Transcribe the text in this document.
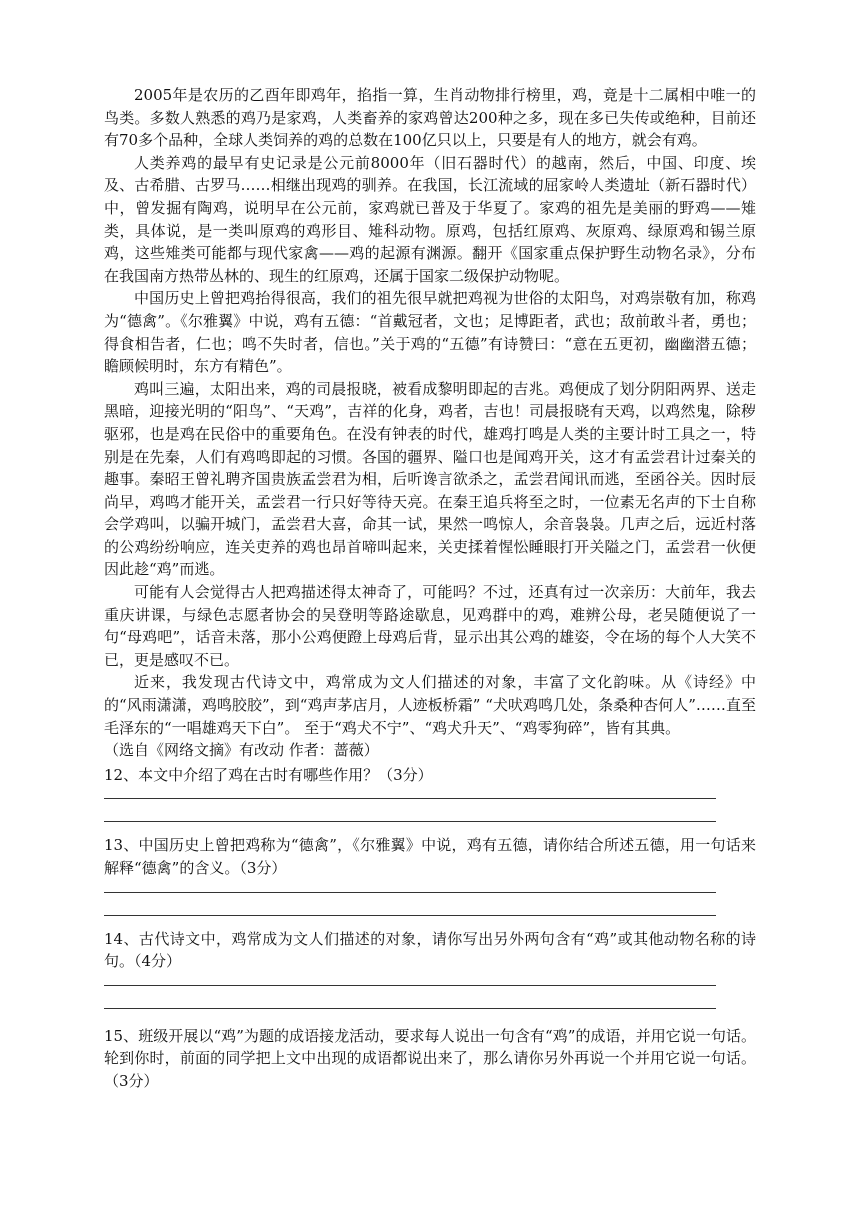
2005年是农历的乙酉年即鸡年，掐指一算，生肖动物排行榜里，鸡，竟是十二属相中唯一的鸟类。多数人熟悉的鸡乃是家鸡，人类畜养的家鸡曾达200种之多，现在多已失传或绝种，目前还有70多个品种，全球人类饲养的鸡的总数在100亿只以上，只要是有人的地方，就会有鸡。

人类养鸡的最早有史记录是公元前8000年（旧石器时代）的越南，然后，中国、印度、埃及、古希腊、古罗马……相继出现鸡的驯养。在我国，长江流域的屈家岭人类遗址（新石器时代）中，曾发掘有陶鸡，说明早在公元前，家鸡就已普及于华夏了。家鸡的祖先是美丽的野鸡——雉类，具体说，是一类叫原鸡的鸡形目、雉科动物。原鸡，包括红原鸡、灰原鸡、绿原鸡和锡兰原鸡，这些雉类可能都与现代家禽——鸡的起源有渊源。翻开《国家重点保护野生动物名录》，分布在我国南方热带丛林的、现生的红原鸡，还属于国家二级保护动物呢。

中国历史上曾把鸡抬得很高，我们的祖先很早就把鸡视为世俗的太阳鸟，对鸡崇敬有加，称鸡为“德禽”。《尔雅翼》中说，鸡有五德：“首戴冠者，文也；足博距者，武也；敌前敢斗者，勇也；得食相告者，仁也；鸣不失时者，信也。”关于鸡的“五德”有诗赞曰：“意在五更初，幽幽潜五德；瞻顾候明时，东方有精色”。

鸡叫三遍，太阳出来，鸡的司晨报晓，被看成黎明即起的吉兆。鸡便成了划分阴阳两界、送走黑暗，迎接光明的“阳鸟”、“天鸡”，吉祥的化身，鸡者，吉也！司晨报晓有天鸡，以鸡然鬼，除秽驱邪，也是鸡在民俗中的重要角色。在没有钟表的时代，雄鸡打鸣是人类的主要计时工具之一，特别是在先秦，人们有鸡鸣即起的习惯。各国的疆界、隘口也是闻鸡开关，这才有孟尝君计过秦关的趣事。秦昭王曾礼聘齐国贵族孟尝君为相，后听谗言欲杀之，孟尝君闻讯而逃，至函谷关。因时辰尚早，鸡鸣才能开关，孟尝君一行只好等待天亮。在秦王追兵将至之时，一位素无名声的下士自称会学鸡叫，以骗开城门，孟尝君大喜，命其一试，果然一鸣惊人，余音袅袅。几声之后，远近村落的公鸡纷纷响应，连关吏养的鸡也昂首啼叫起来，关吏揉着惺忪睡眼打开关隘之门，孟尝君一伙便因此趁“鸡”而逃。

可能有人会觉得古人把鸡描述得太神奇了，可能吗？不过，还真有过一次亲历：大前年，我去重庆讲课，与绿色志愿者协会的吴登明等路途歇息，见鸡群中的鸡，难辨公母，老吴随便说了一句“母鸡吧”，话音未落，那小公鸡便蹬上母鸡后背，显示出其公鸡的雄姿，令在场的每个人大笑不已，更是感叹不已。

近来，我发现古代诗文中，鸡常成为文人们描述的对象，丰富了文化韵味。从《诗经》中的“风雨潇潇，鸡鸣胶胶”，到“鸡声茅店月，人迹板桥霜” “犬吠鸡鸣几处，条桑种杏何人”……直至毛泽东的“一唱雄鸡天下白”。 至于“鸡犬不宁”、“鸡犬升天”、“鸡零狗碎”，皆有其典。

（选自《网络文摘》有改动 作者：蔷薇）

12、本文中介绍了鸡在古时有哪些作用？（3分）

13、中国历史上曾把鸡称为“德禽”，《尔雅翼》中说，鸡有五德，请你结合所述五德，用一句话来解释“德禽”的含义。（3分）

14、古代诗文中，鸡常成为文人们描述的对象，请你写出另外两句含有“鸡”或其他动物名称的诗句。（4分）

15、班级开展以“鸡”为题的成语接龙活动，要求每人说出一句含有“鸡”的成语，并用它说一句话。轮到你时，前面的同学把上文中出现的成语都说出来了，那么请你另外再说一个并用它说一句话。 （3分）
